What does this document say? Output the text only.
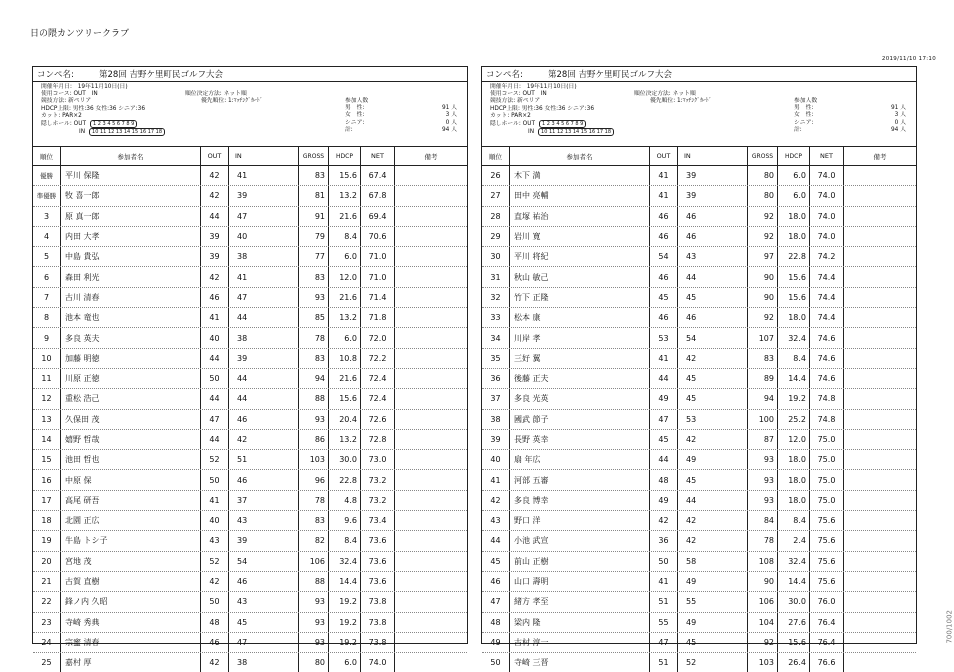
日の隈カンツリークラブ
2019/11/10 17:10
700/1002
コンペ名:	第28回 吉野ケ里町民ゴルフ大会
開催年月日:　19年11月10日(日)
使用コース: OUT　IN
競技方法: 新ペリア
HDCP上限: 男性:36 女性:36 シニア:36
カット: PAR×2
隠しホール: OUT 1 2 3 4 5 6 7 8 9
IN 10 11 12 13 14 15 16 17 18
順位決定方法: ネット順
優先順位: 1:ﾏｯﾁﾝｸﾞｶｰﾄﾞ	参加人数
男　性:	91 人
女　性:	3 人
シニア:	0 人
計:	94 人
順位	参加者名	OUT	IN	GROSS	HDCP	NET	備考
優勝	平川 保隆	42	41	83	15.6	67.4
準優勝	牧 喜一郎	42	39	81	13.2	67.8
3	原 真一郎	44	47	91	21.6	69.4
4	内田 大孝	39	40	79	8.4	70.6
5	中島 貴弘	39	38	77	6.0	71.0
6	森田 利光	42	41	83	12.0	71.0
7	古川 清春	46	47	93	21.6	71.4
8	池本 竜也	41	44	85	13.2	71.8
9	多良 英夫	40	38	78	6.0	72.0
10	加藤 明徳	44	39	83	10.8	72.2
11	川原 正徳	50	44	94	21.6	72.4
12	重松 浩己	44	44	88	15.6	72.4
13	久保田 茂	47	46	93	20.4	72.6
14	嬉野 哲哉	44	42	86	13.2	72.8
15	池田 哲也	52	51	103	30.0	73.0
16	中原 保	50	46	96	22.8	73.2
17	高尾 研吾	41	37	78	4.8	73.2
18	北園 正広	40	43	83	9.6	73.4
19	牛島 トシ子	43	39	82	8.4	73.6
20	宮地 茂	52	54	106	32.4	73.6
21	古賀 直樹	42	46	88	14.4	73.6
22	鋒ノ内 久昭	50	43	93	19.2	73.8
23	寺崎 秀典	48	45	93	19.2	73.8
24	宗蜜 清春	46	47	93	19.2	73.8
25	嘉村 厚	42	38	80	6.0	74.0
コンペ名:	第28回 吉野ケ里町民ゴルフ大会
開催年月日:　19年11月10日(日)
使用コース: OUT　IN
競技方法: 新ペリア
HDCP上限: 男性:36 女性:36 シニア:36
カット: PAR×2
隠しホール: OUT 1 2 3 4 5 6 7 8 9
IN 10 11 12 13 14 15 16 17 18
順位決定方法: ネット順
優先順位: 1:ﾏｯﾁﾝｸﾞｶｰﾄﾞ	参加人数
男　性:	91 人
女　性:	3 人
シニア:	0 人
計:	94 人
順位	参加者名	OUT	IN	GROSS	HDCP	NET	備考
26	木下 満	41	39	80	6.0	74.0
27	田中 亮輔	41	39	80	6.0	74.0
28	直塚 祐治	46	46	92	18.0	74.0
29	岩川 寛	46	46	92	18.0	74.0
30	平川 将紀	54	43	97	22.8	74.2
31	秋山 敏己	46	44	90	15.6	74.4
32	竹下 正隆	45	45	90	15.6	74.4
33	松本 康	46	46	92	18.0	74.4
34	川岸 孝	53	54	107	32.4	74.6
35	三好 翼	41	42	83	8.4	74.6
36	後藤 正夫	44	45	89	14.4	74.6
37	多良 光英	49	45	94	19.2	74.8
38	國武 節子	47	53	100	25.2	74.8
39	長野 英幸	45	42	87	12.0	75.0
40	扇 年広	44	49	93	18.0	75.0
41	河部 五審	48	45	93	18.0	75.0
42	多良 博幸	49	44	93	18.0	75.0
43	野口 洋	42	42	84	8.4	75.6
44	小池 武宣	36	42	78	2.4	75.6
45	前山 正樹	50	58	108	32.4	75.6
46	山口 壽明	41	49	90	14.4	75.6
47	緒方 孝至	51	55	106	30.0	76.0
48	梁内 隆	55	49	104	27.6	76.4
49	古村 淳一	47	45	92	15.6	76.4
50	寺崎 三晋	51	52	103	26.4	76.6
